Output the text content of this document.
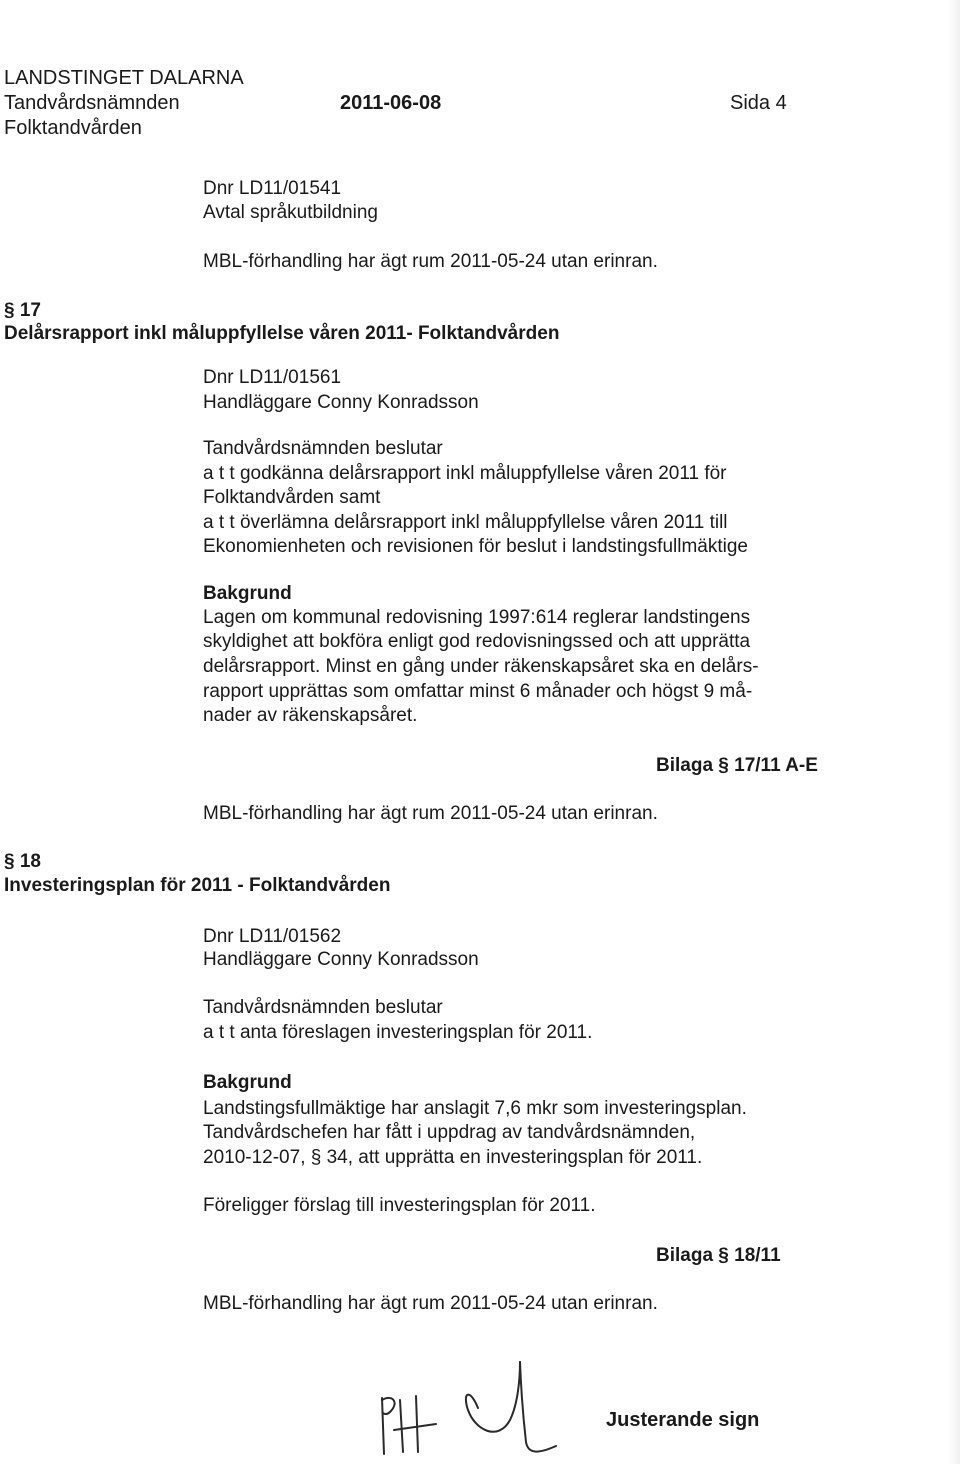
LANDSTINGET DALARNA
Tandvårdsnämnden	2011-06-08	Sida 4
Folktandvården
Dnr LD11/01541
Avtal språkutbildning
MBL-förhandling har ägt rum 2011-05-24 utan erinran.
§ 17
Delårsrapport inkl måluppfyllelse våren 2011- Folktandvården
Dnr LD11/01561
Handläggare Conny Konradsson
Tandvårdsnämnden beslutar
a t t godkänna delårsrapport inkl måluppfyllelse våren 2011 för
Folktandvården samt
a t t överlämna delårsrapport inkl måluppfyllelse våren 2011 till
Ekonomienheten och revisionen för beslut i landstingsfullmäktige
Bakgrund
Lagen om kommunal redovisning 1997:614 reglerar landstingens
skyldighet att bokföra enligt god redovisningssed och att upprätta
delårsrapport. Minst en gång under räkenskapsåret ska en delårs-
rapport upprättas som omfattar minst 6 månader och högst 9 må-
nader av räkenskapsåret.
Bilaga § 17/11 A-E
MBL-förhandling har ägt rum 2011-05-24 utan erinran.
§ 18
Investeringsplan för 2011 - Folktandvården
Dnr LD11/01562
Handläggare Conny Konradsson
Tandvårdsnämnden beslutar
a t t anta föreslagen investeringsplan för 2011.
Bakgrund
Landstingsfullmäktige har anslagit 7,6 mkr som investeringsplan.
Tandvårdschefen har fått i uppdrag av tandvårdsnämnden,
2010-12-07, § 34, att upprätta en investeringsplan för 2011.
Föreligger förslag till investeringsplan för 2011.
Bilaga § 18/11
MBL-förhandling har ägt rum 2011-05-24 utan erinran.
Justerande sign
